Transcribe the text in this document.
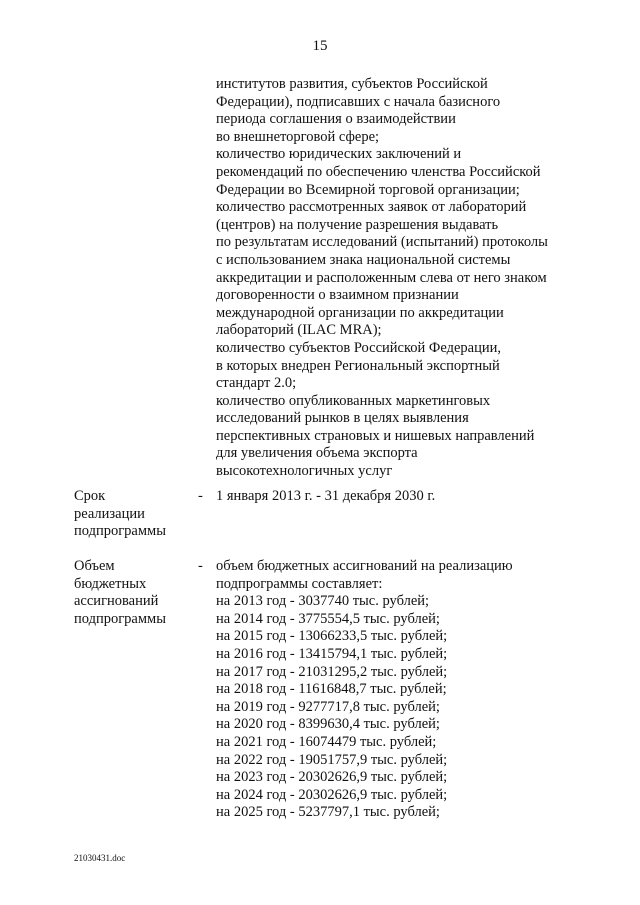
15
институтов развития, субъектов Российской
Федерации), подписавших с начала базисного
периода соглашения о взаимодействии
во внешнеторговой сфере;
количество юридических заключений и
рекомендаций по обеспечению членства Российской
Федерации во Всемирной торговой организации;
количество рассмотренных заявок от лабораторий
(центров) на получение разрешения выдавать
по результатам исследований (испытаний) протоколы
с использованием знака национальной системы
аккредитации и расположенным слева от него знаком
договоренности о взаимном признании
международной организации по аккредитации
лабораторий (ILAC MRA);
количество субъектов Российской Федерации,
в которых внедрен Региональный экспортный
стандарт 2.0;
количество опубликованных маркетинговых
исследований рынков в целях выявления
перспективных страновых и нишевых направлений
для увеличения объема экспорта
высокотехнологичных услуг
Срок
реализации
подпрограммы
- 1 января 2013 г. - 31 декабря 2030 г.
Объем
бюджетных
ассигнований
подпрограммы
- объем бюджетных ассигнований на реализацию
подпрограммы составляет:
на 2013 год - 3037740 тыс. рублей;
на 2014 год - 3775554,5 тыс. рублей;
на 2015 год - 13066233,5 тыс. рублей;
на 2016 год - 13415794,1 тыс. рублей;
на 2017 год - 21031295,2 тыс. рублей;
на 2018 год - 11616848,7 тыс. рублей;
на 2019 год - 9277717,8 тыс. рублей;
на 2020 год - 8399630,4 тыс. рублей;
на 2021 год - 16074479 тыс. рублей;
на 2022 год - 19051757,9 тыс. рублей;
на 2023 год - 20302626,9 тыс. рублей;
на 2024 год - 20302626,9 тыс. рублей;
на 2025 год - 5237797,1 тыс. рублей;
21030431.doc
